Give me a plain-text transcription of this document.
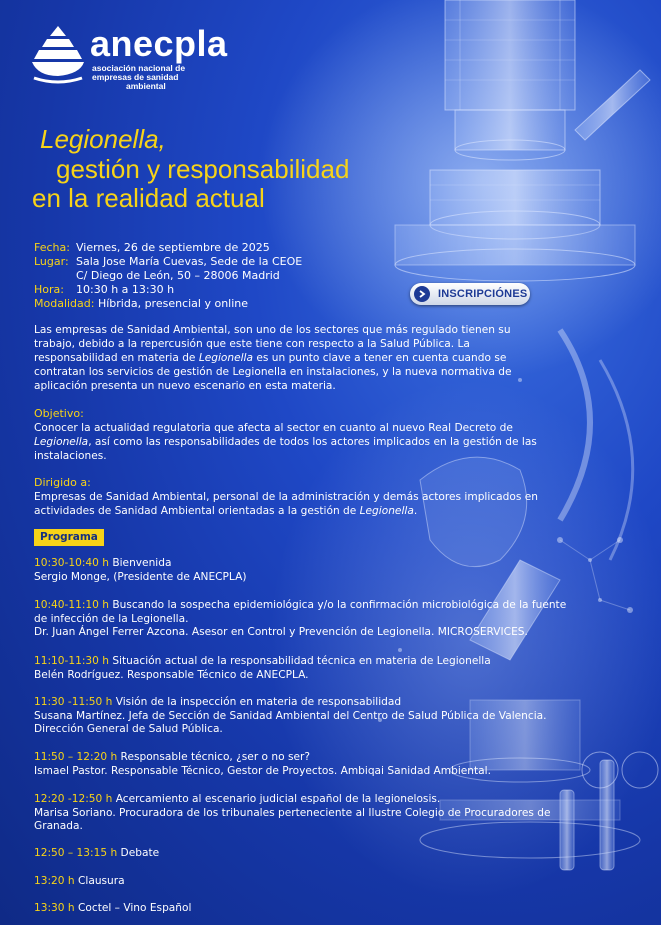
anecpla
asociación nacional de
empresas de sanidad
ambiental
Legionella,
gestión y responsabilidad
en la realidad actual
Fecha: Viernes, 26 de septiembre de 2025
Lugar: Sala Jose María Cuevas, Sede de la CEOE
C/ Diego de León, 50 – 28006 Madrid
Hora: 10:30 h a 13:30 h
Modalidad: Híbrida, presencial y online
INSCRIPCIÓNES
Las empresas de Sanidad Ambiental, son uno de los sectores que más regulado tienen su trabajo, debido a la repercusión que este tiene con respecto a la Salud Pública. La responsabilidad en materia de Legionella es un punto clave a tener en cuenta cuando se contratan los servicios de gestión de Legionella en instalaciones, y la nueva normativa de aplicación presenta un nuevo escenario en esta materia.
Objetivo:
Conocer la actualidad regulatoria que afecta al sector en cuanto al nuevo Real Decreto de Legionella, así como las responsabilidades de todos los actores implicados en la gestión de las instalaciones.
Dirigido a:
Empresas de Sanidad Ambiental, personal de la administración y demás actores implicados en actividades de Sanidad Ambiental orientadas a la gestión de Legionella.
Programa
10:30-10:40 h Bienvenida
Sergio Monge, (Presidente de ANECPLA)
10:40-11:10 h Buscando la sospecha epidemiológica y/o la confirmación microbiológica de la fuente de infección de la Legionella.
Dr. Juan Ángel Ferrer Azcona. Asesor en Control y Prevención de Legionella. MICROSERVICES.
11:10-11:30 h Situación actual de la responsabilidad técnica en materia de Legionella
Belén Rodríguez. Responsable Técnico de ANECPLA.
11:30 -11:50 h Visión de la inspección en materia de responsabilidad
Susana Martínez. Jefa de Sección de Sanidad Ambiental del Centro de Salud Pública de Valencia. Dirección General de Salud Pública.
11:50 – 12:20 h Responsable técnico, ¿ser o no ser?
Ismael Pastor. Responsable Técnico, Gestor de Proyectos. Ambiqai Sanidad Ambiental.
12:20 -12:50 h Acercamiento al escenario judicial español de la legionelosis.
Marisa Soriano. Procuradora de los tribunales perteneciente al Ilustre Colegio de Procuradores de Granada.
12:50 – 13:15 h Debate
13:20 h Clausura
13:30 h Coctel – Vino Español
